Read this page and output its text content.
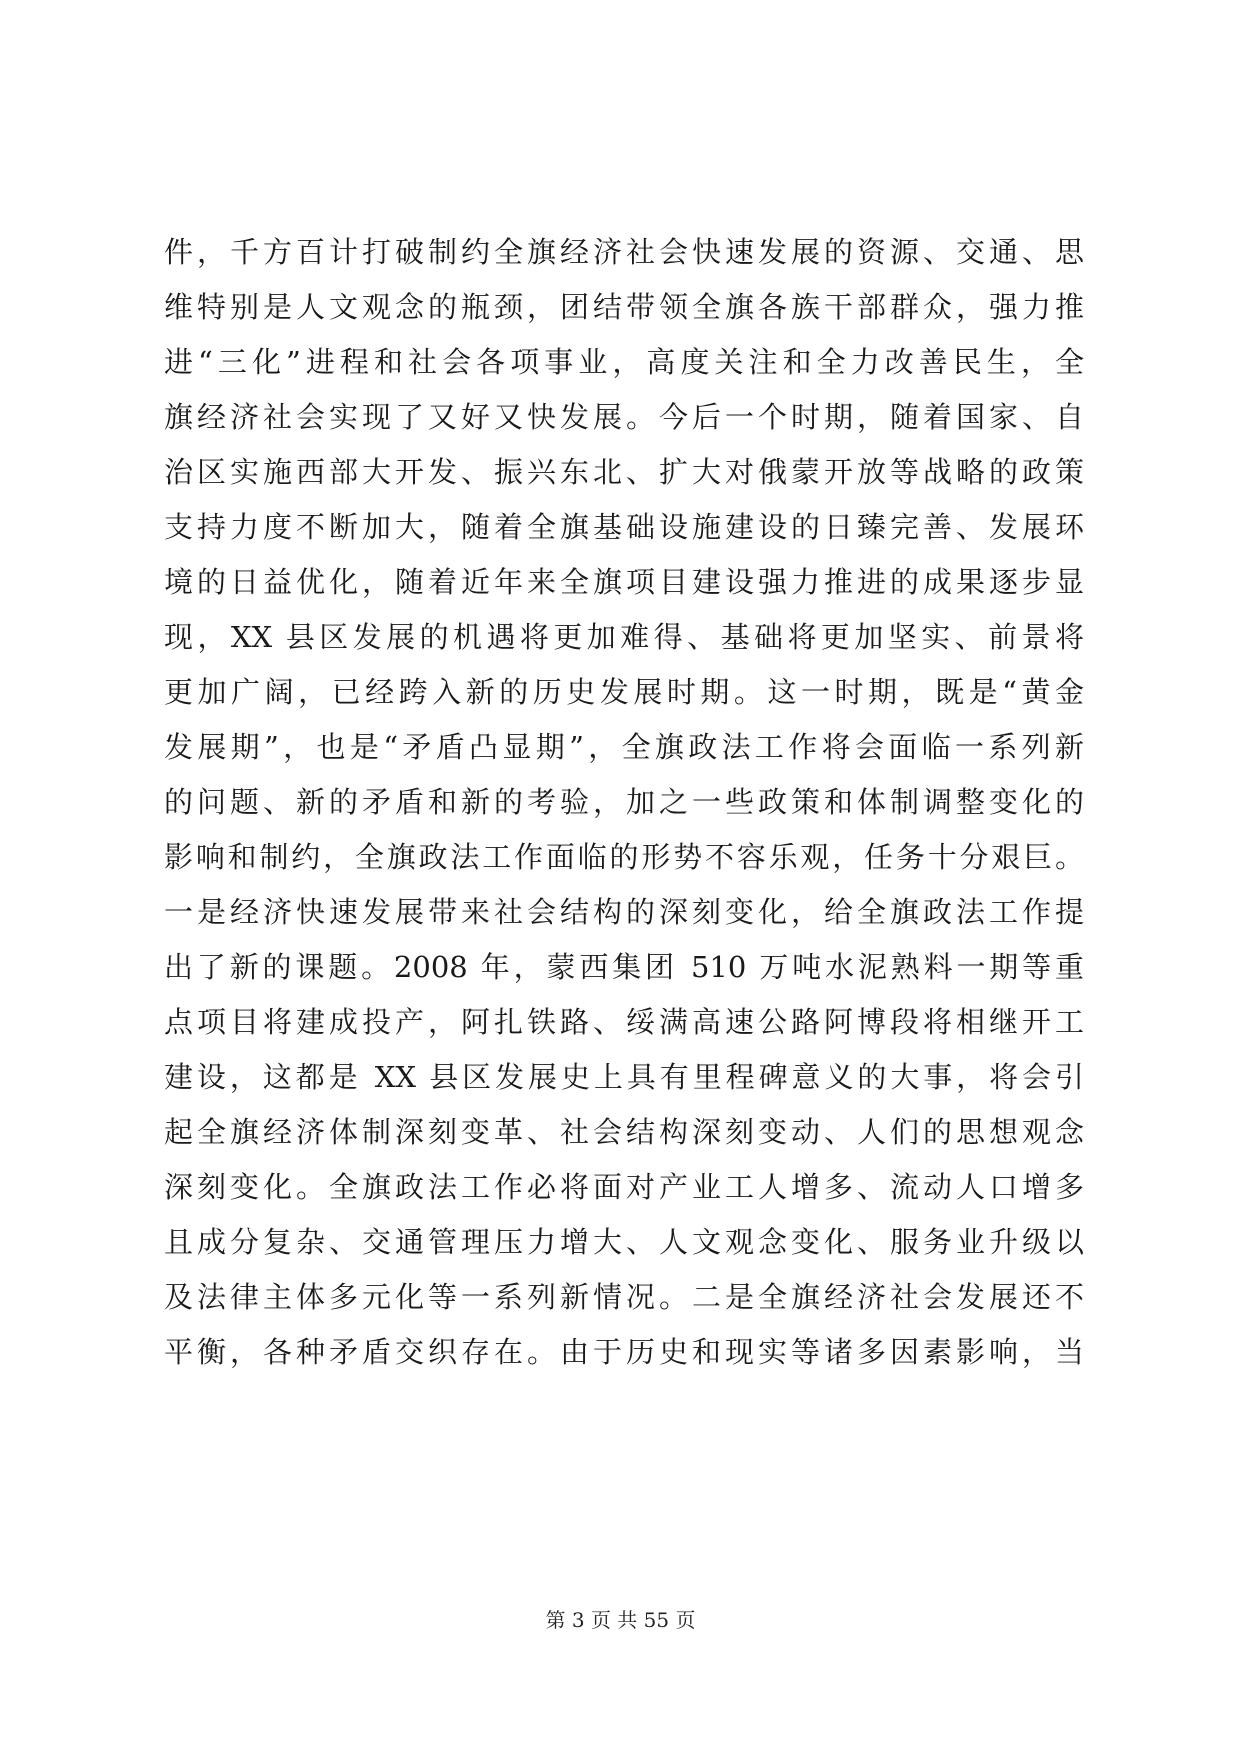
件，千方百计打破制约全旗经济社会快速发展的资源、交通、思
维特别是人文观念的瓶颈，团结带领全旗各族干部群众，强力推
进“三化”进程和社会各项事业，高度关注和全力改善民生，全
旗经济社会实现了又好又快发展。今后一个时期，随着国家、自
治区实施西部大开发、振兴东北、扩大对俄蒙开放等战略的政策
支持力度不断加大，随着全旗基础设施建设的日臻完善、发展环
境的日益优化，随着近年来全旗项目建设强力推进的成果逐步显
现，XX 县区发展的机遇将更加难得、基础将更加坚实、前景将
更加广阔，已经跨入新的历史发展时期。这一时期，既是“黄金
发展期”，也是“矛盾凸显期”，全旗政法工作将会面临一系列新
的问题、新的矛盾和新的考验，加之一些政策和体制调整变化的
影响和制约，全旗政法工作面临的形势不容乐观，任务十分艰巨。
一是经济快速发展带来社会结构的深刻变化，给全旗政法工作提
出了新的课题。2008 年，蒙西集团 510 万吨水泥熟料一期等重
点项目将建成投产，阿扎铁路、绥满高速公路阿博段将相继开工
建设，这都是 XX 县区发展史上具有里程碑意义的大事，将会引
起全旗经济体制深刻变革、社会结构深刻变动、人们的思想观念
深刻变化。全旗政法工作必将面对产业工人增多、流动人口增多
且成分复杂、交通管理压力增大、人文观念变化、服务业升级以
及法律主体多元化等一系列新情况。二是全旗经济社会发展还不
平衡，各种矛盾交织存在。由于历史和现实等诸多因素影响，当
第 3 页 共 55 页
